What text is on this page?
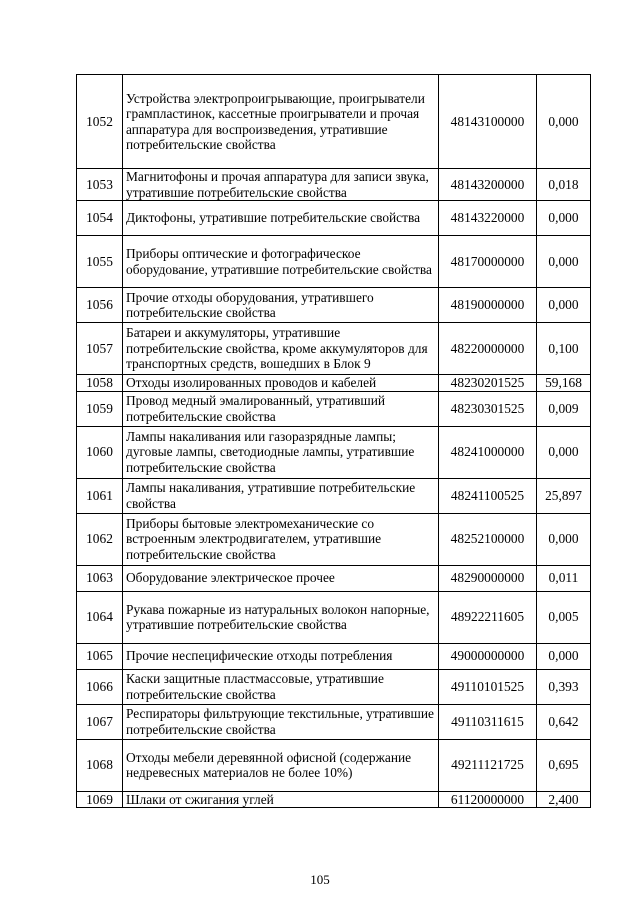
1052	Устройства электропроигрывающие, проигрыватели грампластинок, кассетные проигрыватели и прочая аппаратура для воспроизведения, утратившие потребительские свойства	48143100000	0,000
1053	Магнитофоны и прочая аппаратура для записи звука, утратившие потребительские свойства	48143200000	0,018
1054	Диктофоны, утратившие потребительские свойства	48143220000	0,000
1055	Приборы оптические и фотографическое оборудование, утратившие потребительские свойства	48170000000	0,000
1056	Прочие отходы оборудования, утратившего потребительские свойства	48190000000	0,000
1057	Батареи и аккумуляторы, утратившие потребительские свойства, кроме аккумуляторов для транспортных средств, вошедших в Блок 9	48220000000	0,100
1058	Отходы изолированных проводов и кабелей	48230201525	59,168
1059	Провод медный эмалированный, утративший потребительские свойства	48230301525	0,009
1060	Лампы накаливания или газоразрядные лампы; дуговые лампы, светодиодные лампы, утратившие потребительские свойства	48241000000	0,000
1061	Лампы накаливания, утратившие потребительские свойства	48241100525	25,897
1062	Приборы бытовые электромеханические со встроенным электродвигателем, утратившие потребительские свойства	48252100000	0,000
1063	Оборудование электрическое прочее	48290000000	0,011
1064	Рукава пожарные из натуральных волокон напорные, утратившие потребительские свойства	48922211605	0,005
1065	Прочие неспецифические отходы потребления	49000000000	0,000
1066	Каски защитные пластмассовые, утратившие потребительские свойства	49110101525	0,393
1067	Респираторы фильтрующие текстильные, утратившие потребительские свойства	49110311615	0,642
1068	Отходы мебели деревянной офисной (содержание недревесных материалов не более 10%)	49211121725	0,695
1069	Шлаки от сжигания углей	61120000000	2,400
105
